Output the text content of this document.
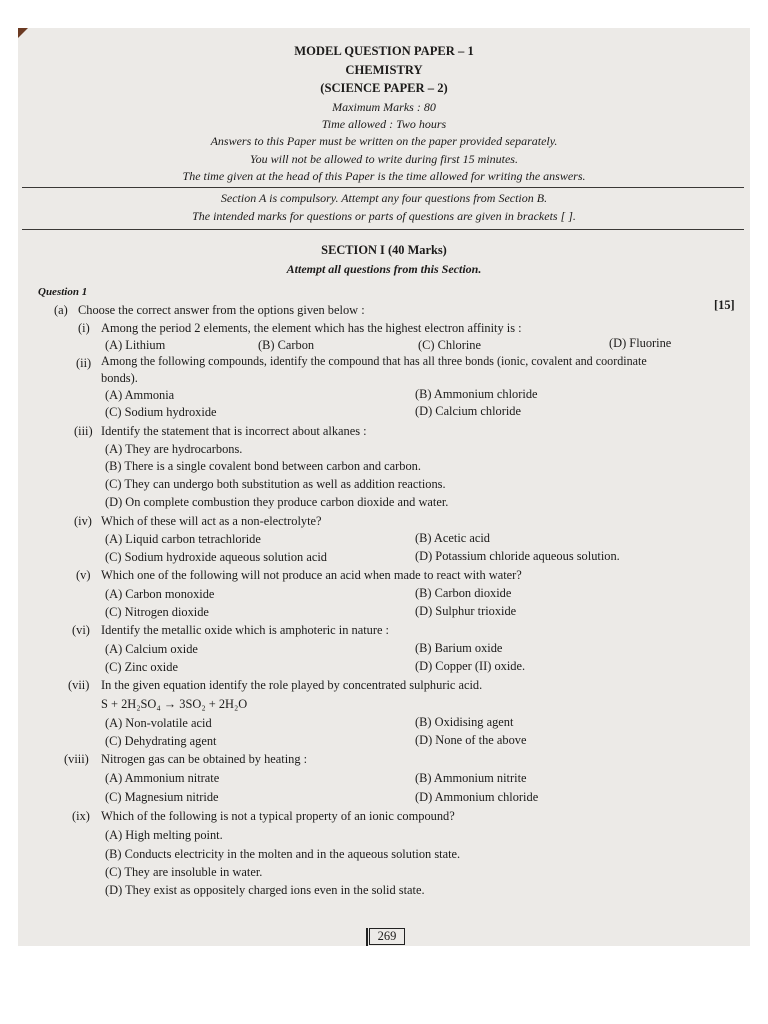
MODEL QUESTION PAPER – 1
CHEMISTRY
(SCIENCE PAPER – 2)
Maximum Marks : 80
Time allowed : Two hours
Answers to this Paper must be written on the paper provided separately.
You will not be allowed to write during first 15 minutes.
The time given at the head of this Paper is the time allowed for writing the answers.
Section A is compulsory. Attempt any four questions from Section B.
The intended marks for questions or parts of questions are given in brackets [ ].
SECTION I (40 Marks)
Attempt all questions from this Section.
Question 1
(a) Choose the correct answer from the options given below :	[15]
(i) Among the period 2 elements, the element which has the highest electron affinity is :
(A) Lithium	(B) Carbon	(C) Chlorine	(D) Fluorine
(ii) Among the following compounds, identify the compound that has all three bonds (ionic, covalent and coordinate
bonds).
(A) Ammonia	(B) Ammonium chloride
(C) Sodium hydroxide	(D) Calcium chloride
(iii) Identify the statement that is incorrect about alkanes :
(A) They are hydrocarbons.
(B) There is a single covalent bond between carbon and carbon.
(C) They can undergo both substitution as well as addition reactions.
(D) On complete combustion they produce carbon dioxide and water.
(iv) Which of these will act as a non-electrolyte?
(A) Liquid carbon tetrachloride	(B) Acetic acid
(C) Sodium hydroxide aqueous solution acid	(D) Potassium chloride aqueous solution.
(v) Which one of the following will not produce an acid when made to react with water?
(A) Carbon monoxide	(B) Carbon dioxide
(C) Nitrogen dioxide	(D) Sulphur trioxide
(vi) Identify the metallic oxide which is amphoteric in nature :
(A) Calcium oxide	(B) Barium oxide
(C) Zinc oxide	(D) Copper (II) oxide.
(vii) In the given equation identify the role played by concentrated sulphuric acid.
S + 2H₂SO₄ → 3SO₂ + 2H₂O
(A) Non-volatile acid	(B) Oxidising agent
(C) Dehydrating agent	(D) None of the above
(viii) Nitrogen gas can be obtained by heating :
(A) Ammonium nitrate	(B) Ammonium nitrite
(C) Magnesium nitride	(D) Ammonium chloride
(ix) Which of the following is not a typical property of an ionic compound?
(A) High melting point.
(B) Conducts electricity in the molten and in the aqueous solution state.
(C) They are insoluble in water.
(D) They exist as oppositely charged ions even in the solid state.
269
